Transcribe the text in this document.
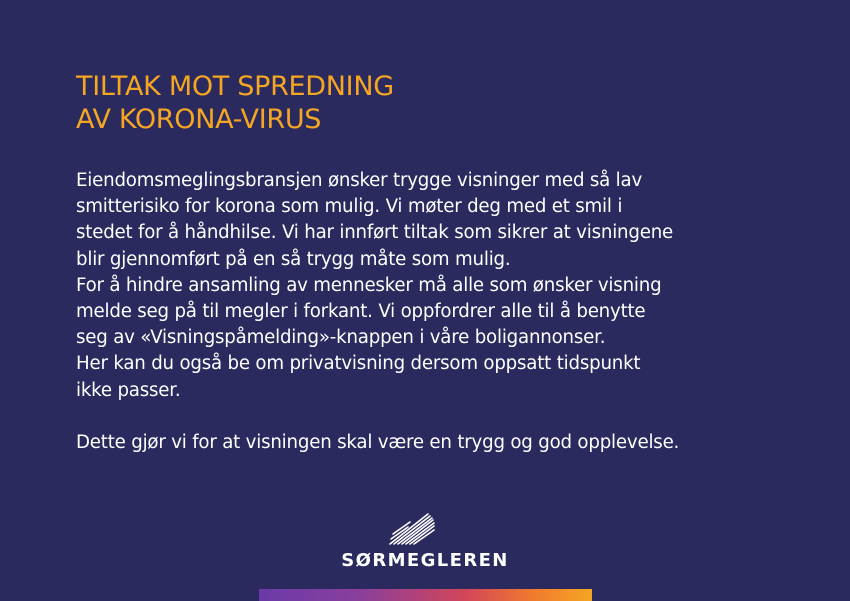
TILTAK MOT SPREDNING
AV KORONA-VIRUS
Eiendomsmeglingsbransjen ønsker trygge visninger med så lav
smitterisiko for korona som mulig. Vi møter deg med et smil i
stedet for å håndhilse. Vi har innført tiltak som sikrer at visningene
blir gjennomført på en så trygg måte som mulig.
For å hindre ansamling av mennesker må alle som ønsker visning
melde seg på til megler i forkant. Vi oppfordrer alle til å benytte
seg av «Visningspåmelding»-knappen i våre boligannonser.
Her kan du også be om privatvisning dersom oppsatt tidspunkt
ikke passer.
Dette gjør vi for at visningen skal være en trygg og god opplevelse.
SØRMEGLEREN
